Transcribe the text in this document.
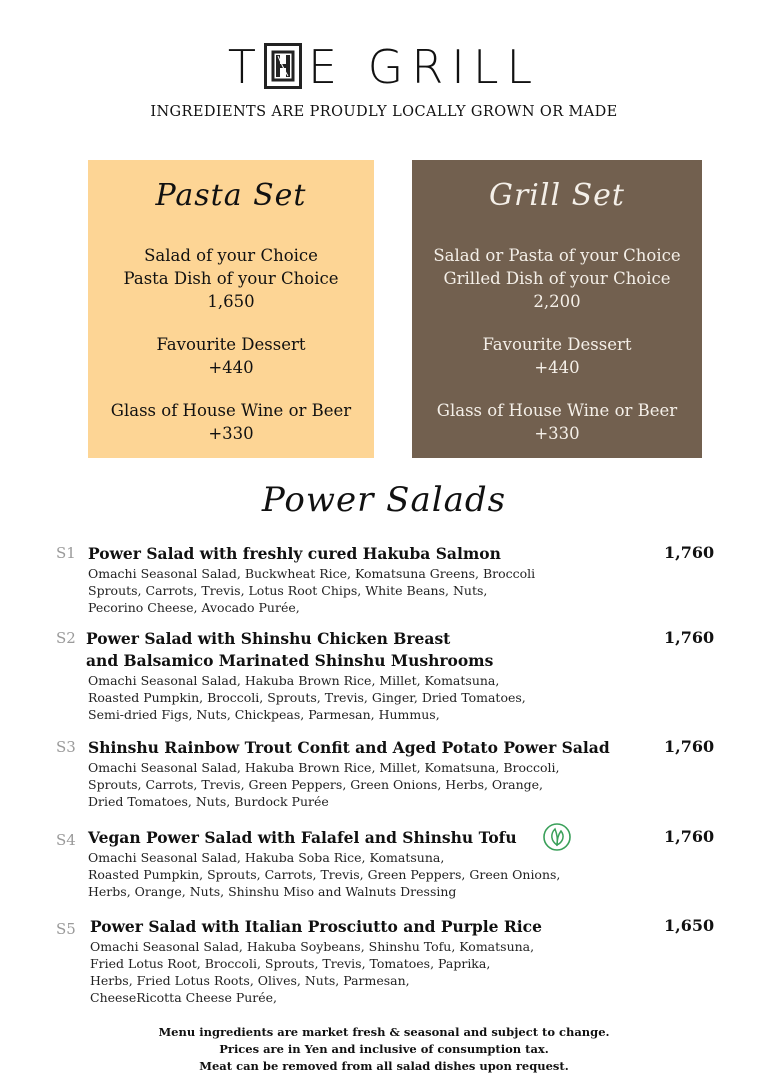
T E GRILL
INGREDIENTS ARE PROUDLY LOCALLY GROWN OR MADE
Pasta Set
Salad of your Choice
Pasta Dish of your Choice
1,650
Favourite Dessert
+440
Glass of House Wine or Beer
+330
Grill Set
Salad or Pasta of your Choice
Grilled Dish of your Choice
2,200
Favourite Dessert
+440
Glass of House Wine or Beer
+330
Power Salads
S1 Power Salad with freshly cured Hakuba Salmon	1,760
Omachi Seasonal Salad, Buckwheat Rice, Komatsuna Greens, Broccoli
Sprouts, Carrots, Trevis, Lotus Root Chips, White Beans, Nuts,
Pecorino Cheese, Avocado Purée,
S2 Power Salad with Shinshu Chicken Breast
and Balsamico Marinated Shinshu Mushrooms
1,760
Omachi Seasonal Salad, Hakuba Brown Rice, Millet, Komatsuna,
Roasted Pumpkin, Broccoli, Sprouts, Trevis, Ginger, Dried Tomatoes,
Semi-dried Figs, Nuts, Chickpeas, Parmesan, Hummus,
S3 Shinshu Rainbow Trout Confit and Aged Potato Power Salad	1,760
Omachi Seasonal Salad, Hakuba Brown Rice, Millet, Komatsuna, Broccoli,
Sprouts, Carrots, Trevis, Green Peppers, Green Onions, Herbs, Orange,
Dried Tomatoes, Nuts, Burdock Purée
S4 Vegan Power Salad with Falafel and Shinshu Tofu	1,760
Omachi Seasonal Salad, Hakuba Soba Rice, Komatsuna,
Roasted Pumpkin, Sprouts, Carrots, Trevis, Green Peppers, Green Onions,
Herbs, Orange, Nuts, Shinshu Miso and Walnuts Dressing
S5 Power Salad with Italian Prosciutto and Purple Rice	1,650
Omachi Seasonal Salad, Hakuba Soybeans, Shinshu Tofu, Komatsuna,
Fried Lotus Root, Broccoli, Sprouts, Trevis, Tomatoes, Paprika,
Herbs, Fried Lotus Roots, Olives, Nuts, Parmesan,
CheeseRicotta Cheese Purée,
Menu ingredients are market fresh & seasonal and subject to change.
Prices are in Yen and inclusive of consumption tax.
Meat can be removed from all salad dishes upon request.
